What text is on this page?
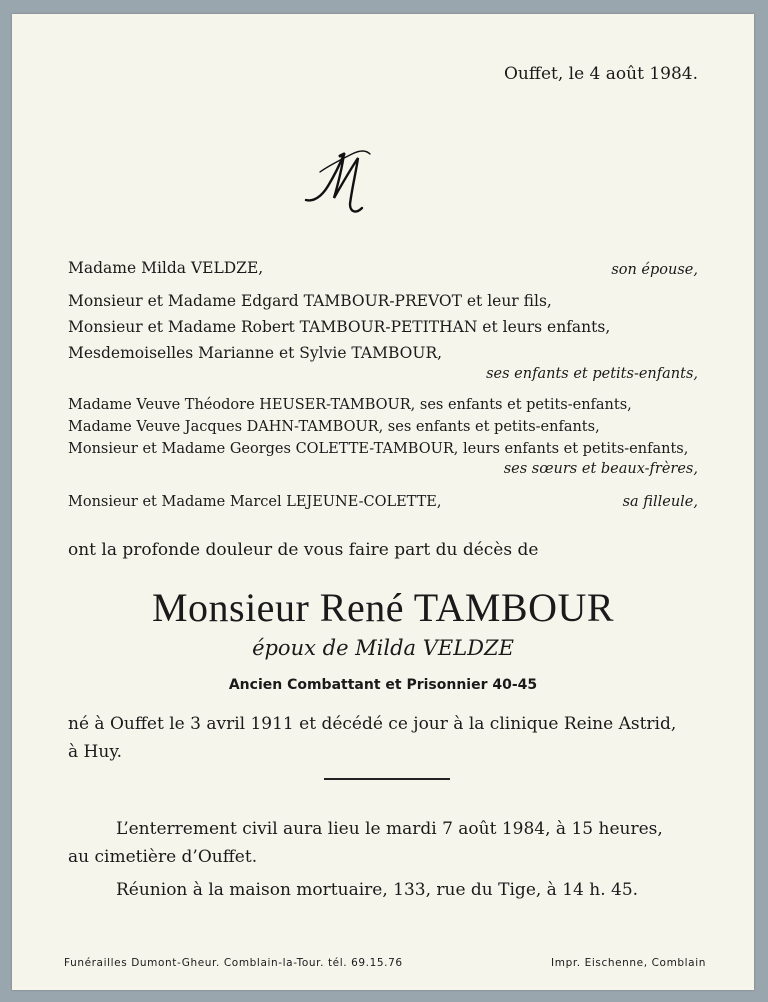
Ouffet, le 4 août 1984.
Madame Milda VELDZE,	son épouse,
Monsieur et Madame Edgard TAMBOUR-PREVOT et leur fils,
Monsieur et Madame Robert TAMBOUR-PETITHAN et leurs enfants,
Mesdemoiselles Marianne et Sylvie TAMBOUR,
ses enfants et petits-enfants,
Madame Veuve Théodore HEUSER-TAMBOUR, ses enfants et petits-enfants,
Madame Veuve Jacques DAHN-TAMBOUR, ses enfants et petits-enfants,
Monsieur et Madame Georges COLETTE-TAMBOUR, leurs enfants et petits-enfants,
ses sœurs et beaux-frères,
Monsieur et Madame Marcel LEJEUNE-COLETTE,	sa filleule,
ont la profonde douleur de vous faire part du décès de
Monsieur René TAMBOUR
époux de Milda VELDZE
Ancien Combattant et Prisonnier 40-45
né à Ouffet le 3 avril 1911 et décédé ce jour à la clinique Reine Astrid,
à Huy.
L’enterrement civil aura lieu le mardi 7 août 1984, à 15 heures,
au cimetière d’Ouffet.
Réunion à la maison mortuaire, 133, rue du Tige, à 14 h. 45.
Funérailles Dumont-Gheur. Comblain-la-Tour. tél. 69.15.76	Impr. Eischenne, Comblain
